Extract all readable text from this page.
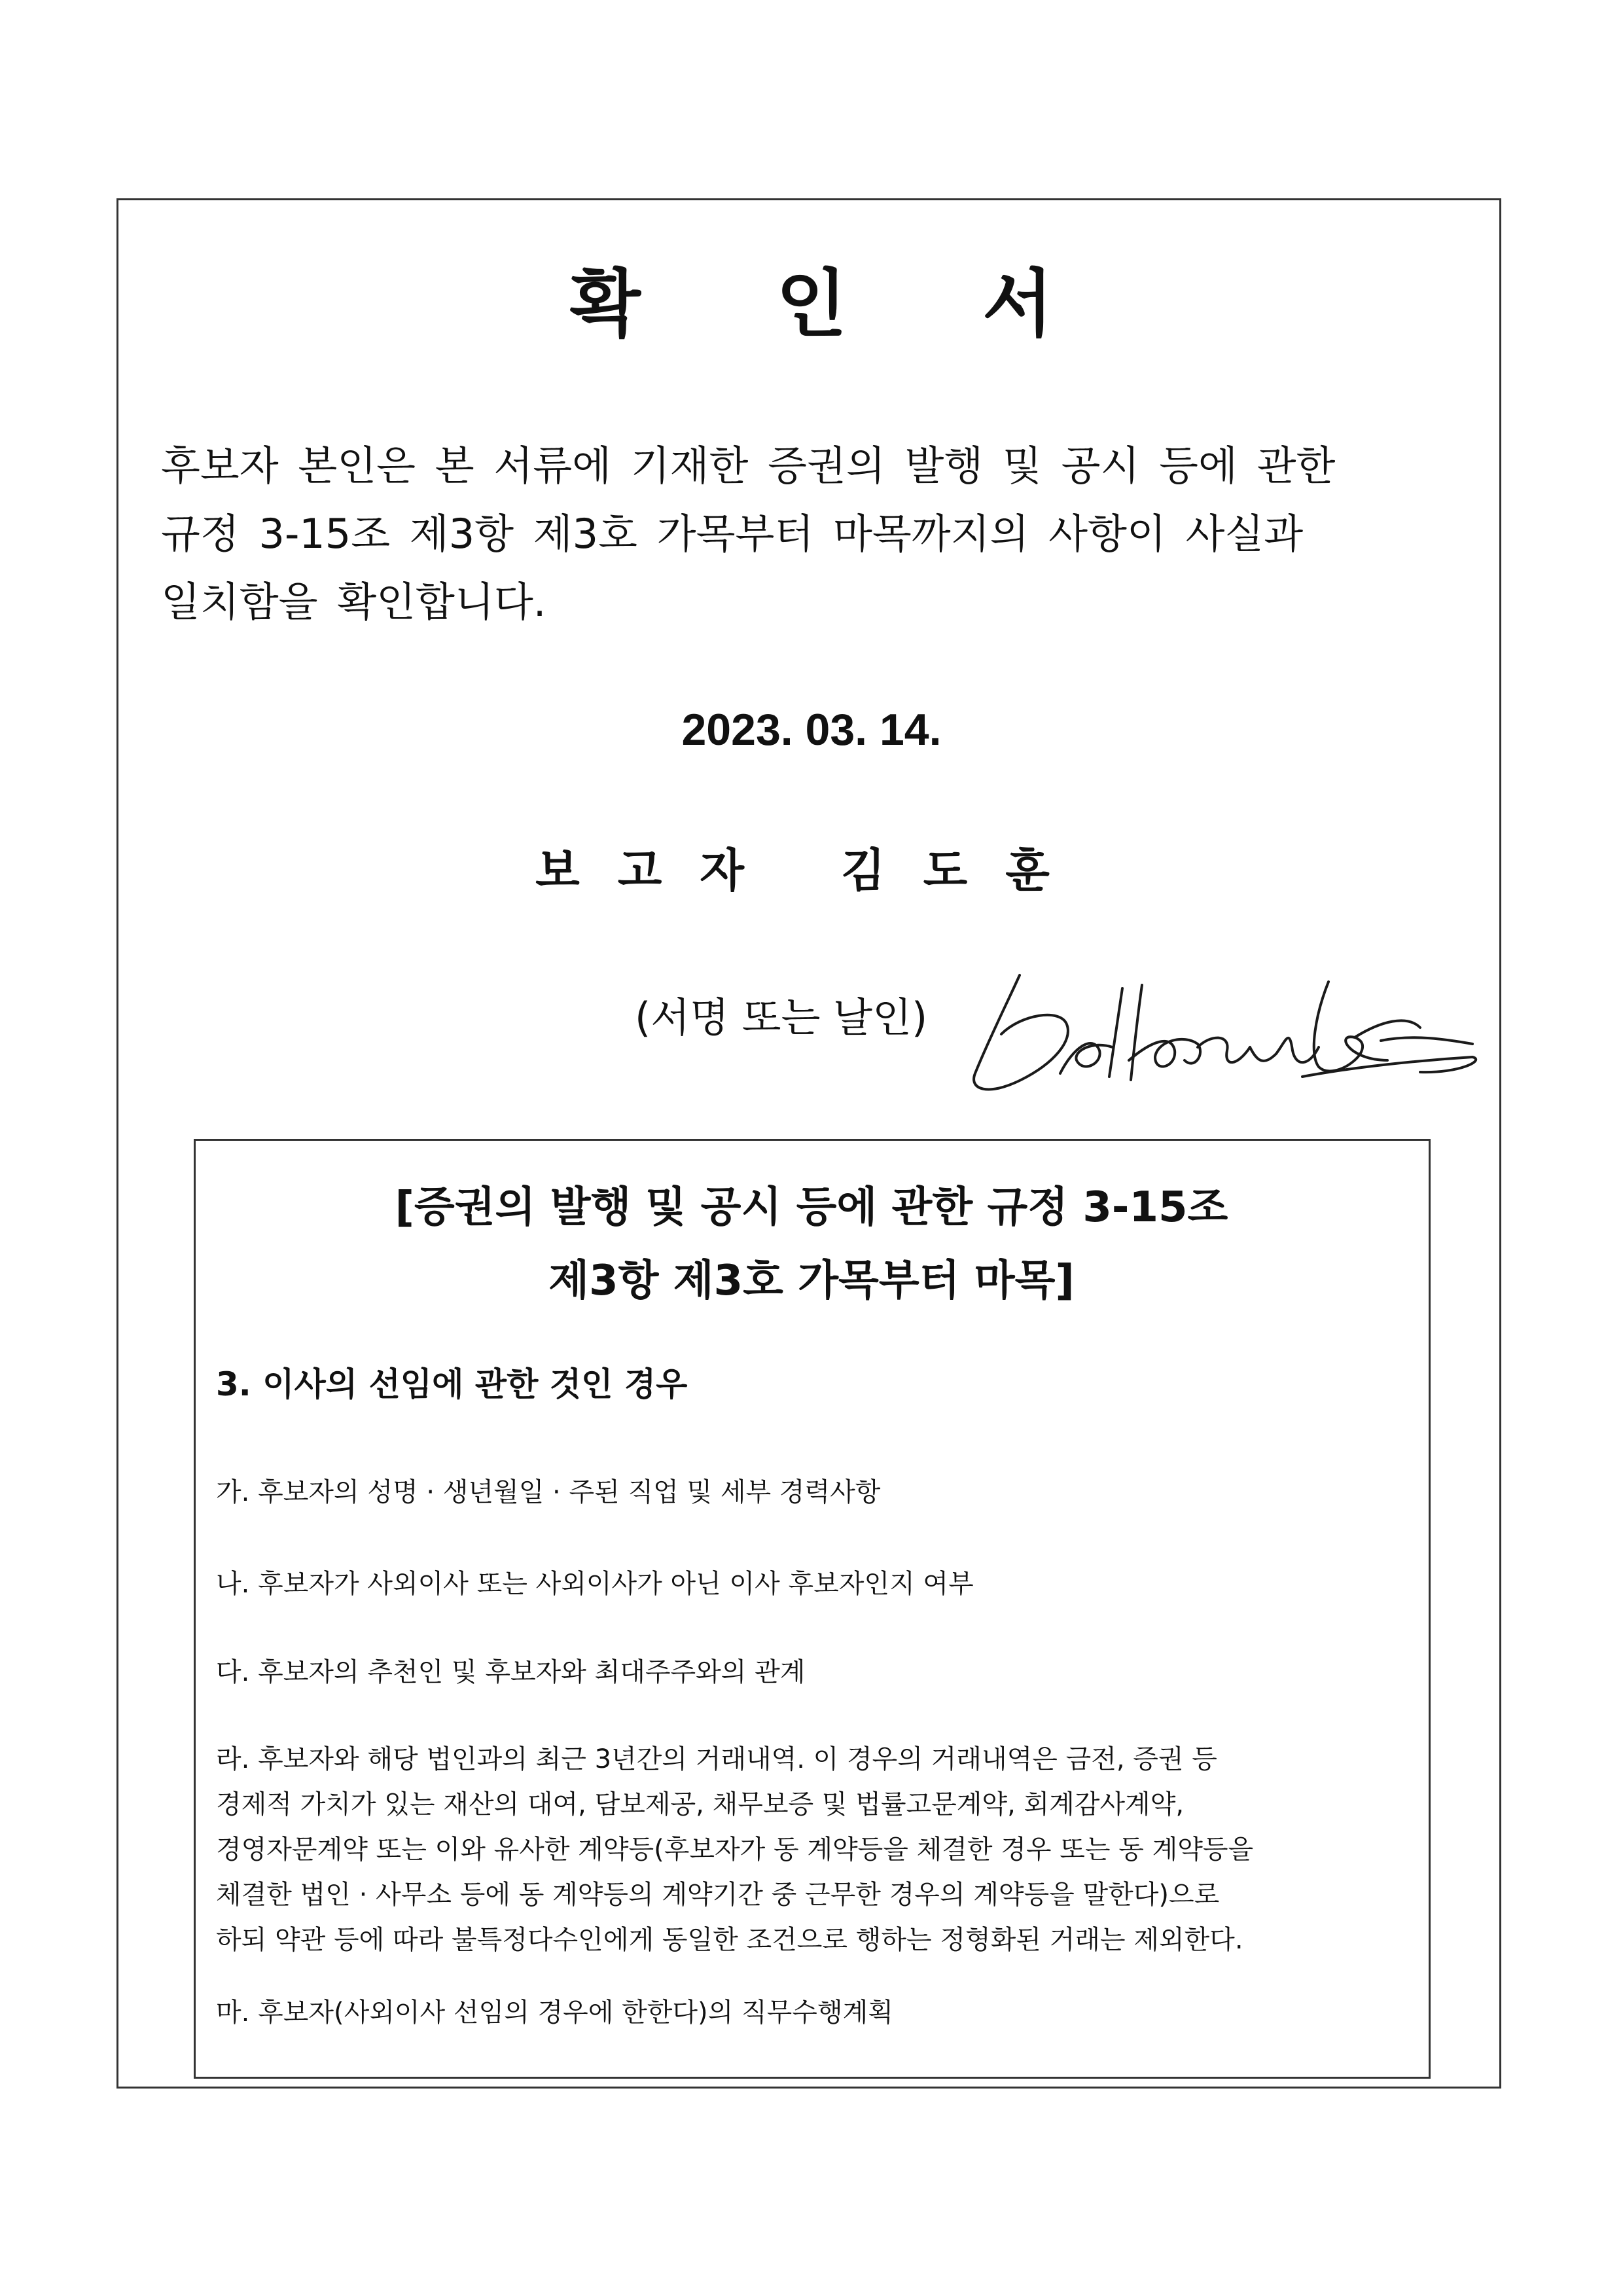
확 인 서
후보자 본인은 본 서류에 기재한 증권의 발행 및 공시 등에 관한
규정 3-15조 제3항 제3호 가목부터 마목까지의 사항이 사실과
일치함을 확인합니다.
2023. 03. 14.
보고자 김도훈
(서명 또는 날인)
[증권의 발행 및 공시 등에 관한 규정 3-15조
제3항 제3호 가목부터 마목]
3. 이사의 선임에 관한 것인 경우
가. 후보자의 성명 · 생년월일 · 주된 직업 및 세부 경력사항
나. 후보자가 사외이사 또는 사외이사가 아닌 이사 후보자인지 여부
다. 후보자의 추천인 및 후보자와 최대주주와의 관계
라. 후보자와 해당 법인과의 최근 3년간의 거래내역. 이 경우의 거래내역은 금전, 증권 등
경제적 가치가 있는 재산의 대여, 담보제공, 채무보증 및 법률고문계약, 회계감사계약,
경영자문계약 또는 이와 유사한 계약등(후보자가 동 계약등을 체결한 경우 또는 동 계약등을
체결한 법인 · 사무소 등에 동 계약등의 계약기간 중 근무한 경우의 계약등을 말한다)으로
하되 약관 등에 따라 불특정다수인에게 동일한 조건으로 행하는 정형화된 거래는 제외한다.
마. 후보자(사외이사 선임의 경우에 한한다)의 직무수행계획
